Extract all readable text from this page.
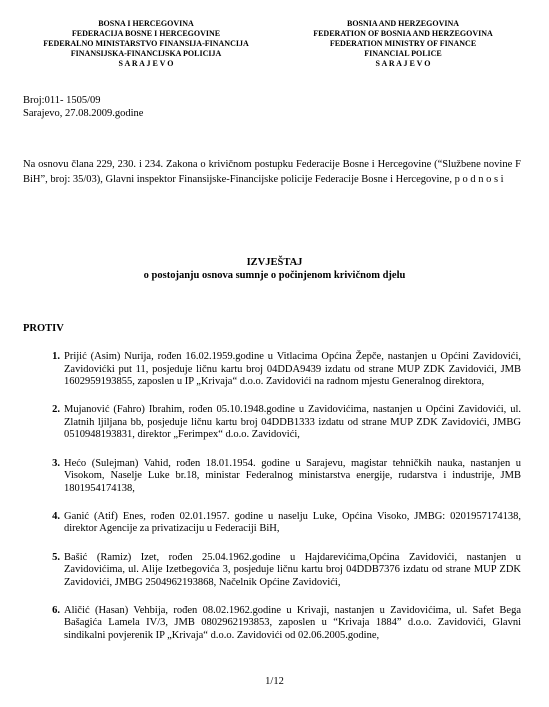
BOSNA I HERCEGOVINA
FEDERACIJA BOSNE I HERCEGOVINE
FEDERALNO MINISTARSTVO FINANSIJA-FINANCIJA
FINANSIJSKA-FINANCIJSKA POLICIJA
S A R A J E V O
BOSNIA AND HERZEGOVINA
FEDERATION OF BOSNIA AND HERZEGOVINA
FEDERATION MINISTRY OF FINANCE
FINANCIAL POLICE
S A R A J E V O
Broj:011- 1505/09
Sarajevo, 27.08.2009.godine
Na osnovu člana 229, 230. i 234. Zakona o krivičnom postupku Federacije Bosne i Hercegovine (“Službene novine F BiH”, broj: 35/03), Glavni inspektor Finansijske-Financijske policije Federacije Bosne i Hercegovine, p o d n o s i
IZVJEŠTAJ
o postojanju osnova sumnje o počinjenom krivičnom djelu
PROTIV
1. Prijić (Asim) Nurija, rođen 16.02.1959.godine u Vitlacima Općina Žepče, nastanjen u Općini Zavidovići, Zavidovićki put 11, posjeduje ličnu kartu broj 04DDA9439 izdatu od strane MUP ZDK Zavidovići, JMB 1602959193855, zaposlen u IP „Krivaja“ d.o.o. Zavidovići na radnom mjestu Generalnog direktora,
2. Mujanović (Fahro) Ibrahim, rođen 05.10.1948.godine u Zavidovićima, nastanjen u Općini Zavidovići, ul. Zlatnih ljiljana bb, posjeduje ličnu kartu broj 04DDB1333 izdatu od strane MUP ZDK Zavidovići, JMBG 0510948193831, direktor „Ferimpex“ d.o.o. Zavidovići,
3. Hećo (Sulejman) Vahid, rođen 18.01.1954. godine u Sarajevu, magistar tehničkih nauka, nastanjen u Visokom, Naselje Luke br.18, ministar Federalnog ministarstva energije, rudarstva i industrije, JMB 1801954174138,
4. Ganić (Atif) Enes, rođen 02.01.1957. godine u naselju Luke, Općina Visoko, JMBG: 0201957174138, direktor Agencije za privatizaciju u Federaciji BiH,
5. Bašić (Ramiz) Izet, rođen 25.04.1962.godine u Hajdarevićima,Općina Zavidovići, nastanjen u Zavidovićima, ul. Alije Izetbegovića 3, posjeduje ličnu kartu broj 04DDB7376 izdatu od strane MUP ZDK Zavidovići, JMBG 2504962193868, Načelnik Općine Zavidovići,
6. Aličić (Hasan) Vehbija, rođen 08.02.1962.godine u Krivaji, nastanjen u Zavidovićima, ul. Safet Bega Bašagića Lamela IV/3, JMB 0802962193853, zaposlen u “Krivaja 1884” d.o.o. Zavidovići, Glavni sindikalni povjerenik IP „Krivaja“ d.o.o. Zavidovići od 02.06.2005.godine,
1/12
